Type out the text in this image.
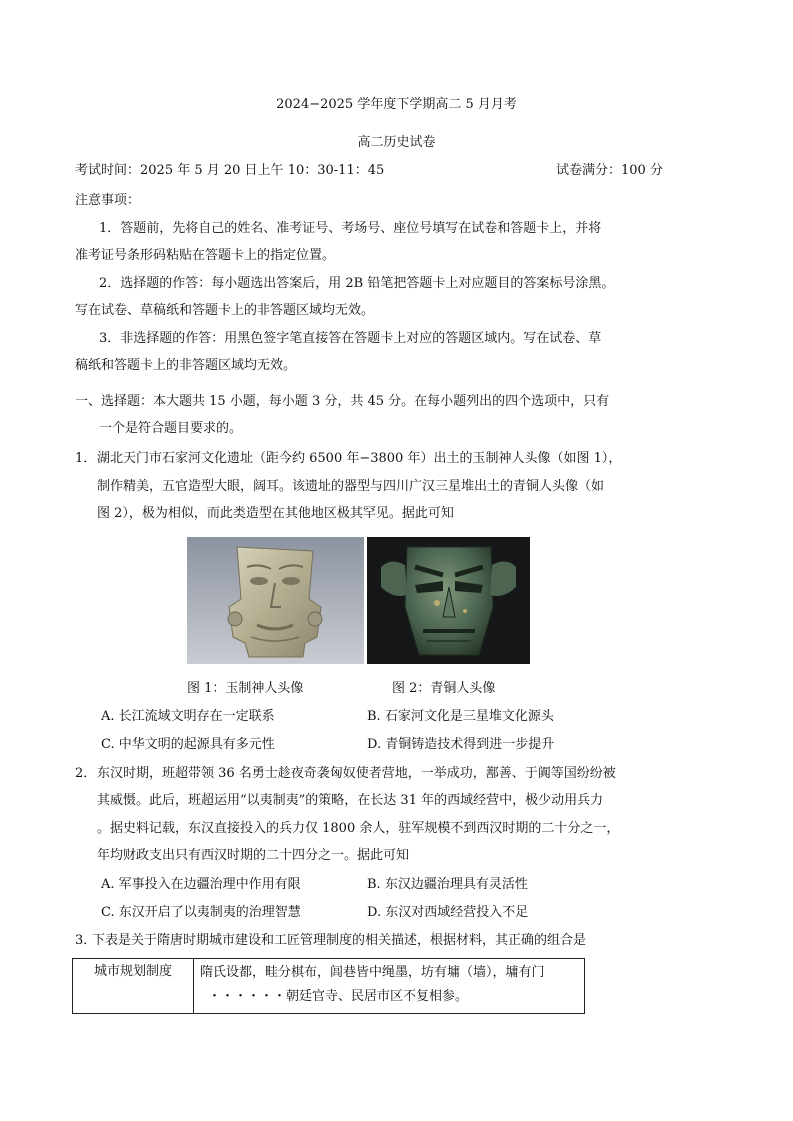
2024−2025 学年度下学期高二 5 月月考
高二历史试卷
考试时间：2025 年 5 月 20 日上午 10：30-11：45	试卷满分：100 分
注意事项：
1．答题前，先将自己的姓名、准考证号、考场号、座位号填写在试卷和答题卡上，并将
准考证号条形码粘贴在答题卡上的指定位置。
2．选择题的作答：每小题选出答案后，用 2B 铅笔把答题卡上对应题目的答案标号涂黑。
写在试卷、草稿纸和答题卡上的非答题区域均无效。
3．非选择题的作答：用黑色签字笔直接答在答题卡上对应的答题区域内。写在试卷、草
稿纸和答题卡上的非答题区域均无效。
一、选择题：本大题共 15 小题，每小题 3 分，共 45 分。在每小题列出的四个选项中，只有
一个是符合题目要求的。
1． 湖北天门市石家河文化遗址（距今约 6500 年−3800 年）出土的玉制神人头像（如图 1），
制作精美，五官造型大眼，阔耳。该遗址的器型与四川广汉三星堆出土的青铜人头像（如
图 2），极为相似，而此类造型在其他地区极其罕见。据此可知
图 1：玉制神人头像	图 2：青铜人头像
A. 长江流域文明存在一定联系	B. 石家河文化是三星堆文化源头
C. 中华文明的起源具有多元性	D. 青铜铸造技术得到进一步提升
2． 东汉时期，班超带领 36 名勇士趁夜奇袭匈奴使者营地，一举成功，鄯善、于阗等国纷纷被
其威慑。此后，班超运用“以夷制夷”的策略，在长达 31 年的西域经营中，极少动用兵力
。据史料记载，东汉直接投入的兵力仅 1800 余人，驻军规模不到西汉时期的二十分之一，
年均财政支出只有西汉时期的二十四分之一。据此可知
A. 军事投入在边疆治理中作用有限	B. 东汉边疆治理具有灵活性
C. 东汉开启了以夷制夷的治理智慧	D. 东汉对西域经营投入不足
3．
下表是关于隋唐时期城市建设和工匠管理制度的相关描述，根据材料，其正确的组合是
城市规划制度	隋氏设都，畦分棋布，闾巷皆中绳墨，坊有墉（墙），墉有门
・・・・・・朝廷官寺、民居市区不复相参。
